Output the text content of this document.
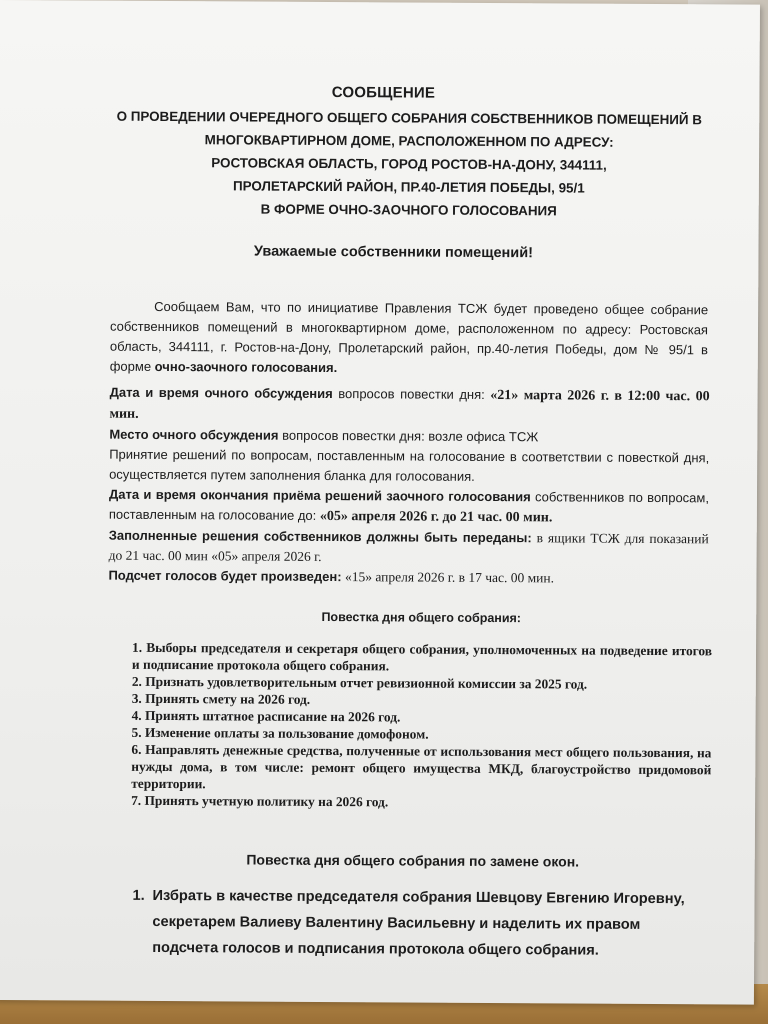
СООБЩЕНИЕ
О ПРОВЕДЕНИИ ОЧЕРЕДНОГО ОБЩЕГО СОБРАНИЯ СОБСТВЕННИКОВ ПОМЕЩЕНИЙ В
МНОГОКВАРТИРНОМ ДОМЕ, РАСПОЛОЖЕННОМ ПО АДРЕСУ:
РОСТОВСКАЯ ОБЛАСТЬ, ГОРОД РОСТОВ-НА-ДОНУ, 344111,
ПРОЛЕТАРСКИЙ РАЙОН, ПР.40-ЛЕТИЯ ПОБЕДЫ, 95/1
В ФОРМЕ ОЧНО-ЗАОЧНОГО ГОЛОСОВАНИЯ
Уважаемые собственники помещений!
Сообщаем Вам, что по инициативе Правления ТСЖ будет проведено общее собрание собственников помещений в многоквартирном доме, расположенном по адресу: Ростовская область, 344111, г. Ростов-на-Дону, Пролетарский район, пр.40-летия Победы, дом № 95/1 в форме очно-заочного голосования.

Дата и время очного обсуждения вопросов повестки дня: «21» марта 2026 г. в 12:00 час. 00 мин.

Место очного обсуждения вопросов повестки дня: возле офиса ТСЖ

Принятие решений по вопросам, поставленным на голосование в соответствии с повесткой дня, осуществляется путем заполнения бланка для голосования.

Дата и время окончания приёма решений заочного голосования собственников по вопросам, поставленным на голосование до: «05» апреля 2026 г. до 21 час. 00 мин.

Заполненные решения собственников должны быть переданы: в ящики ТСЖ для показаний до 21 час. 00 мин «05» апреля 2026 г.

Подсчет голосов будет произведен: «15» апреля 2026 г. в 17 час. 00 мин.

Повестка дня общего собрания:

1. Выборы председателя и секретаря общего собрания, уполномоченных на подведение итогов и подписание протокола общего собрания.

2. Признать удовлетворительным отчет ревизионной комиссии за 2025 год.

3. Принять смету на 2026 год.

4. Принять штатное расписание на 2026 год.

5. Изменение оплаты за пользование домофоном.

6. Направлять денежные средства, полученные от использования мест общего пользования, на нужды дома, в том числе: ремонт общего имущества МКД, благоустройство придомовой территории.

7. Принять учетную политику на 2026 год.

Повестка дня общего собрания по замене окон.
1. Избрать в качестве председателя собрания Шевцову Евгению Игоревну, секретарем Валиеву Валентину Васильевну и наделить их правом подсчета голосов и подписания протокола общего собрания.
